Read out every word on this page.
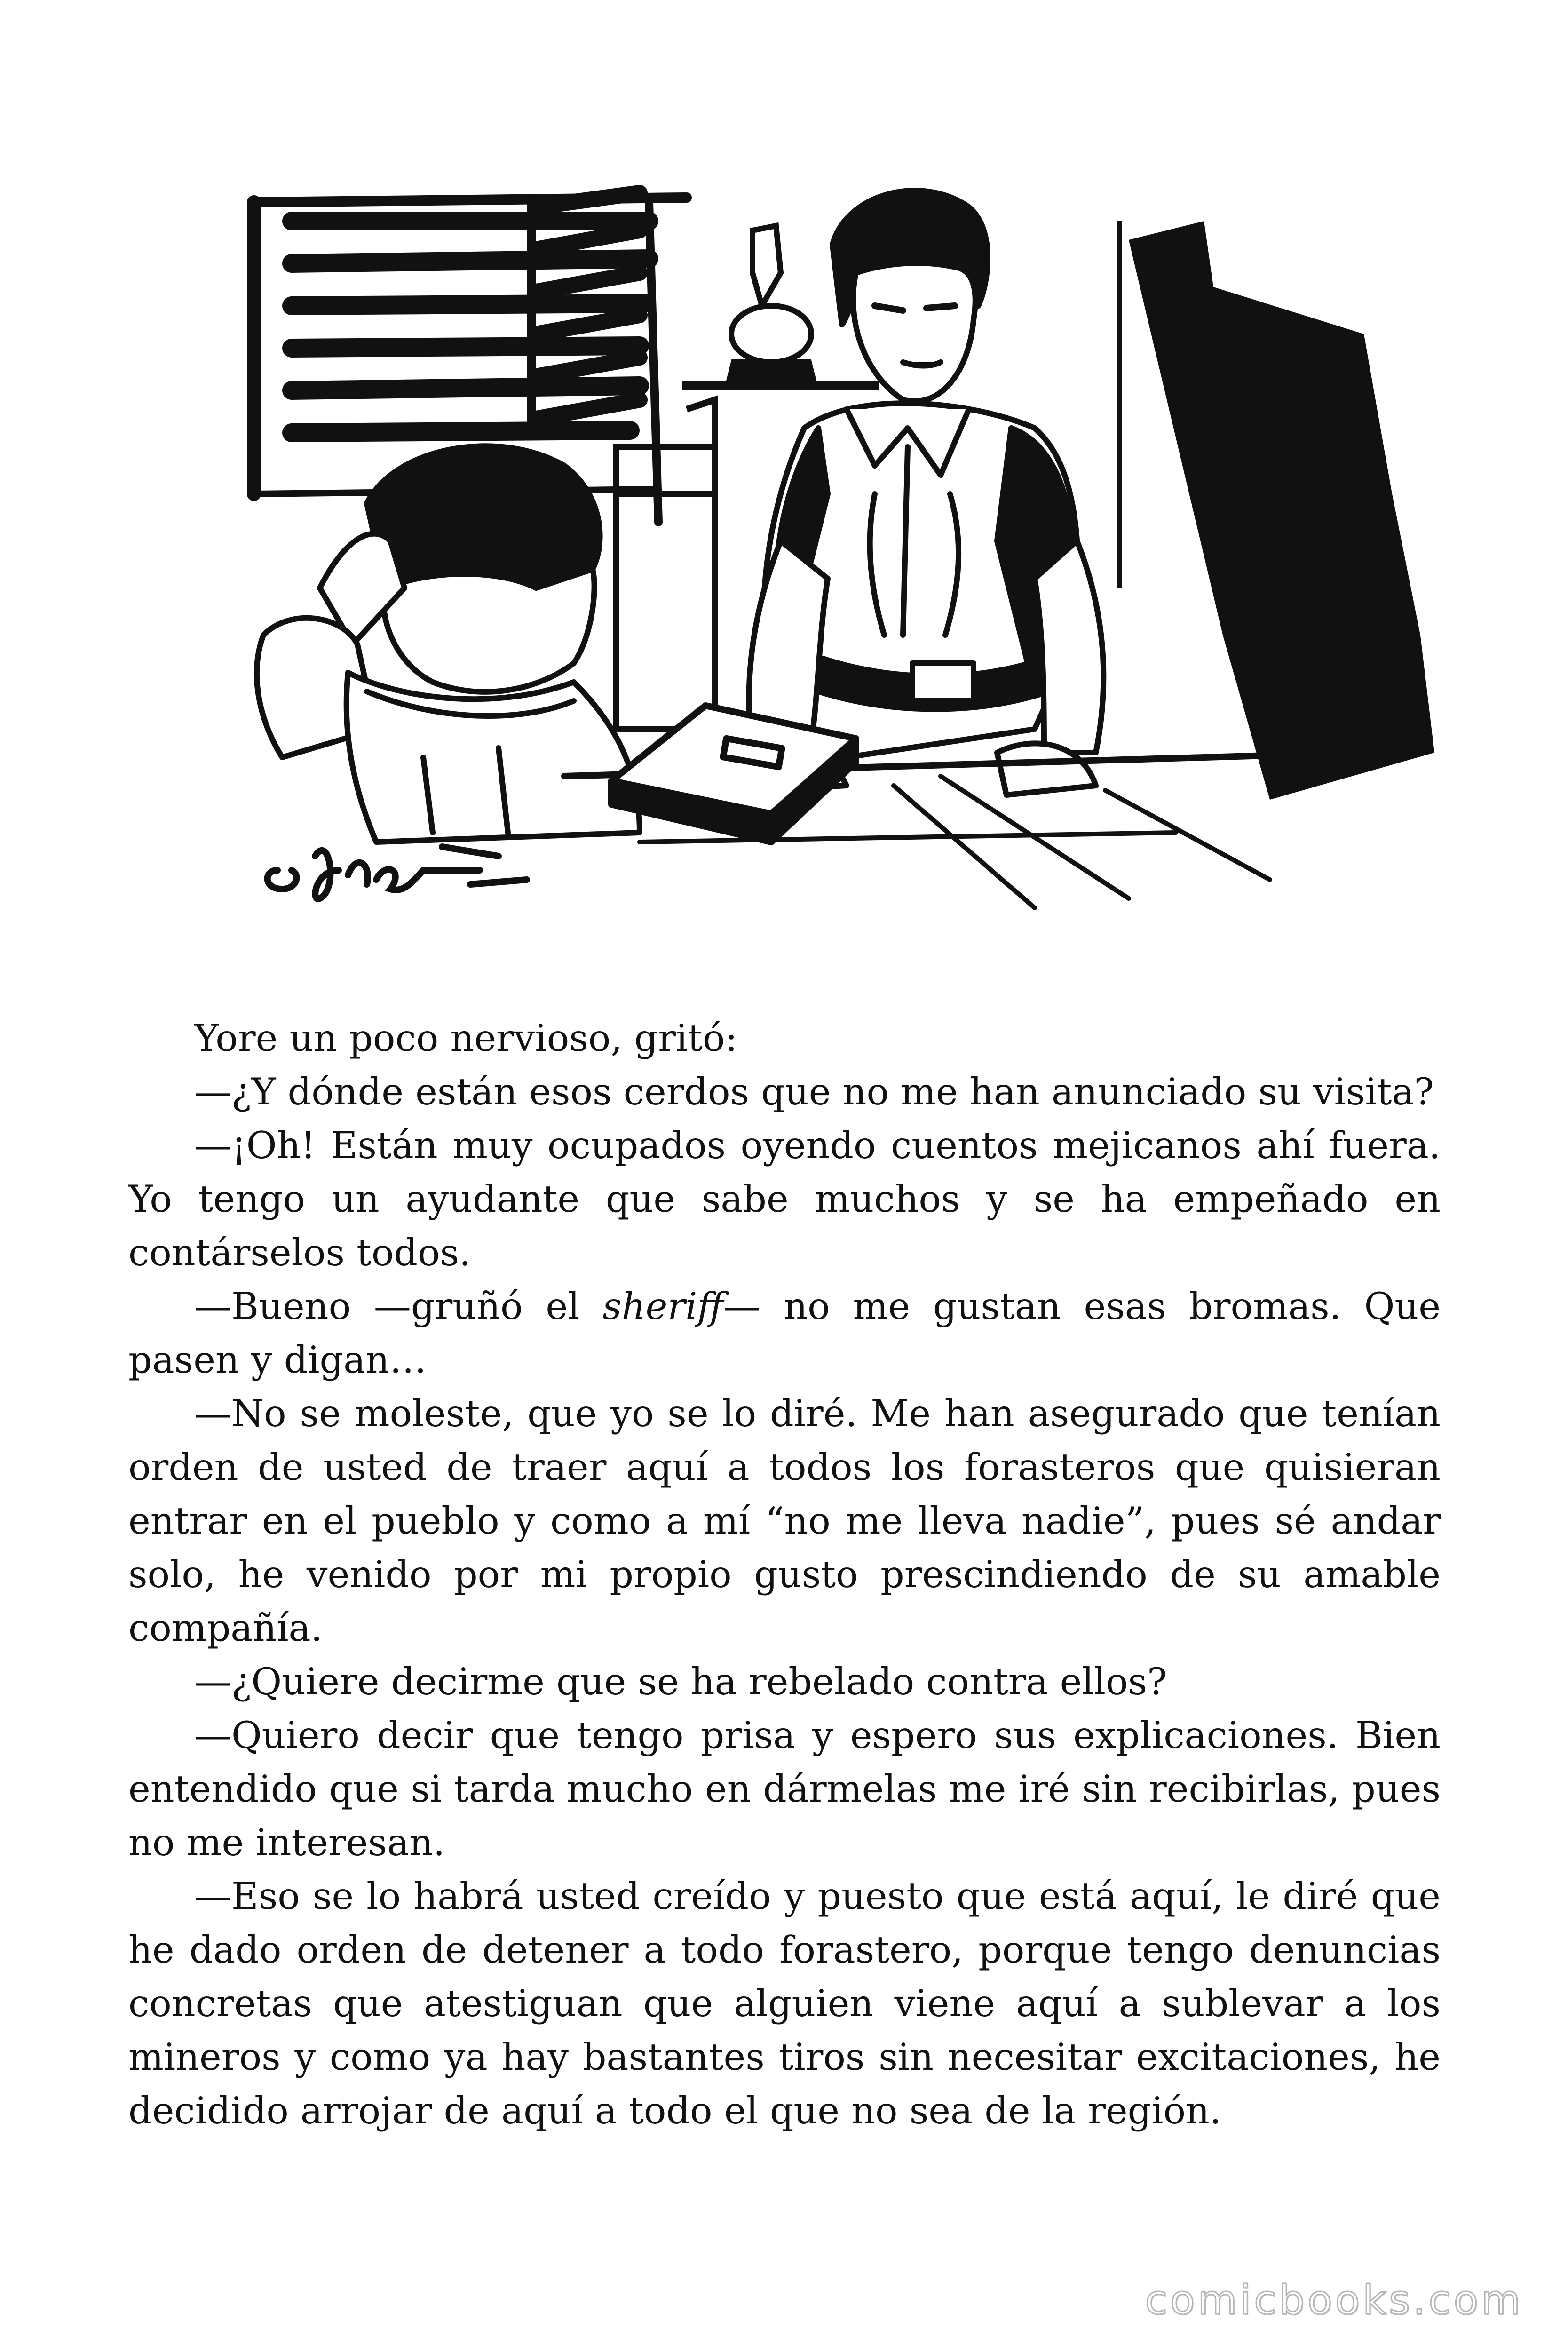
efre

Yore un poco nervioso, gritó:

—¿Y dónde están esos cerdos que no me han anunciado su visita?

—¡Oh! Están muy ocupados oyendo cuentos mejicanos ahí fuera. Yo tengo un ayudante que sabe muchos y se ha empeñado en contárselos todos.

—Bueno —gruñó el sheriff— no me gustan esas bromas. Que pasen y digan…

—No se moleste, que yo se lo diré. Me han asegurado que tenían orden de usted de traer aquí a todos los forasteros que quisieran entrar en el pueblo y como a mí “no me lleva nadie”, pues sé andar solo, he venido por mi propio gusto prescindiendo de su amable compañía.

—¿Quiere decirme que se ha rebelado contra ellos?

—Quiero decir que tengo prisa y espero sus explicaciones. Bien entendido que si tarda mucho en dármelas me iré sin recibirlas, pues no me interesan.

—Eso se lo habrá usted creído y puesto que está aquí, le diré que he dado orden de detener a todo forastero, porque tengo denuncias concretas que atestiguan que alguien viene aquí a sublevar a los mineros y como ya hay bastantes tiros sin necesitar excitaciones, he decidido arrojar de aquí a todo el que no sea de la región.

comicbooks.com
